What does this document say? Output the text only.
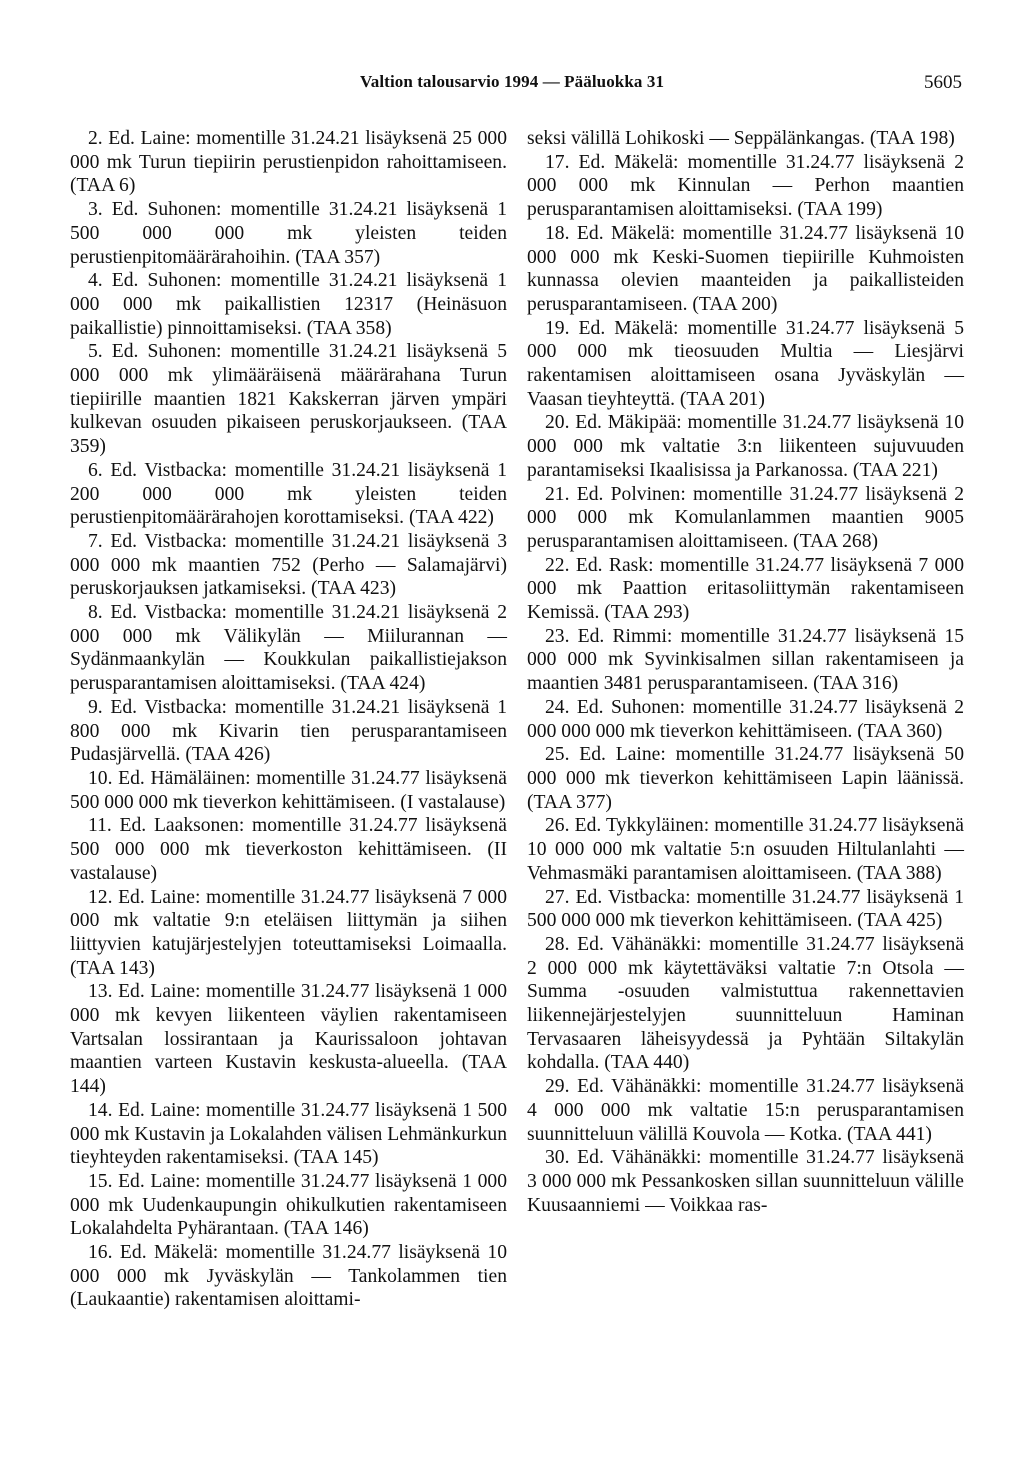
Valtion talousarvio 1994 — Pääluokka 31	5605

2. Ed. Laine: momentille 31.24.21 lisäyksenä 25 000 000 mk Turun tiepiirin perustienpidon rahoittamiseen. (TAA 6)

3. Ed. Suhonen: momentille 31.24.21 lisäyksenä 1 500 000 000 mk yleisten teiden perustienpitomäärärahoihin. (TAA 357)

4. Ed. Suhonen: momentille 31.24.21 lisäyksenä 1 000 000 mk paikallistien 12317 (Heinäsuon paikallistie) pinnoittamiseksi. (TAA 358)

5. Ed. Suhonen: momentille 31.24.21 lisäyksenä 5 000 000 mk ylimääräisenä määrärahana Turun tiepiirille maantien 1821 Kakskerran järven ympäri kulkevan osuuden pikaiseen peruskorjaukseen. (TAA 359)

6. Ed. Vistbacka: momentille 31.24.21 lisäyksenä 1 200 000 000 mk yleisten teiden perustienpitomäärärahojen korottamiseksi. (TAA 422)

7. Ed. Vistbacka: momentille 31.24.21 lisäyksenä 3 000 000 mk maantien 752 (Perho — Salamajärvi) peruskorjauksen jatkamiseksi. (TAA 423)

8. Ed. Vistbacka: momentille 31.24.21 lisäyksenä 2 000 000 mk Välikylän — Miilurannan — Sydänmaankylän — Koukkulan paikallistiejakson perusparantamisen aloittamiseksi. (TAA 424)

9. Ed. Vistbacka: momentille 31.24.21 lisäyksenä 1 800 000 mk Kivarin tien perusparantamiseen Pudasjärvellä. (TAA 426)

10. Ed. Hämäläinen: momentille 31.24.77 lisäyksenä 500 000 000 mk tieverkon kehittämiseen. (I vastalause)

11. Ed. Laaksonen: momentille 31.24.77 lisäyksenä 500 000 000 mk tieverkoston kehittämiseen. (II vastalause)

12. Ed. Laine: momentille 31.24.77 lisäyksenä 7 000 000 mk valtatie 9:n eteläisen liittymän ja siihen liittyvien katujärjestelyjen toteuttamiseksi Loimaalla. (TAA 143)

13. Ed. Laine: momentille 31.24.77 lisäyksenä 1 000 000 mk kevyen liikenteen väylien rakentamiseen Vartsalan lossirantaan ja Kaurissaloon johtavan maantien varteen Kustavin keskusta-alueella. (TAA 144)

14. Ed. Laine: momentille 31.24.77 lisäyksenä 1 500 000 mk Kustavin ja Lokalahden välisen Lehmänkurkun tieyhteyden rakentamiseksi. (TAA 145)

15. Ed. Laine: momentille 31.24.77 lisäyksenä 1 000 000 mk Uudenkaupungin ohikulkutien rakentamiseen Lokalahdelta Pyhärantaan. (TAA 146)

16. Ed. Mäkelä: momentille 31.24.77 lisäyksenä 10 000 000 mk Jyväskylän — Tankolammen tien (Laukaantie) rakentamisen aloittami-

seksi välillä Lohikoski — Seppälänkangas. (TAA 198)

17. Ed. Mäkelä: momentille 31.24.77 lisäyksenä 2 000 000 mk Kinnulan — Perhon maantien perusparantamisen aloittamiseksi. (TAA 199)

18. Ed. Mäkelä: momentille 31.24.77 lisäyksenä 10 000 000 mk Keski-Suomen tiepiirille Kuhmoisten kunnassa olevien maanteiden ja paikallisteiden perusparantamiseen. (TAA 200)

19. Ed. Mäkelä: momentille 31.24.77 lisäyksenä 5 000 000 mk tieosuuden Multia — Liesjärvi rakentamisen aloittamiseen osana Jyväskylän — Vaasan tieyhteyttä. (TAA 201)

20. Ed. Mäkipää: momentille 31.24.77 lisäyksenä 10 000 000 mk valtatie 3:n liikenteen sujuvuuden parantamiseksi Ikaalisissa ja Parkanossa. (TAA 221)

21. Ed. Polvinen: momentille 31.24.77 lisäyksenä 2 000 000 mk Komulanlammen maantien 9005 perusparantamisen aloittamiseen. (TAA 268)

22. Ed. Rask: momentille 31.24.77 lisäyksenä 7 000 000 mk Paattion eritasoliittymän rakentamiseen Kemissä. (TAA 293)

23. Ed. Rimmi: momentille 31.24.77 lisäyksenä 15 000 000 mk Syvinkisalmen sillan rakentamiseen ja maantien 3481 perusparantamiseen. (TAA 316)

24. Ed. Suhonen: momentille 31.24.77 lisäyksenä 2 000 000 000 mk tieverkon kehittämiseen. (TAA 360)

25. Ed. Laine: momentille 31.24.77 lisäyksenä 50 000 000 mk tieverkon kehittämiseen Lapin läänissä. (TAA 377)

26. Ed. Tykkyläinen: momentille 31.24.77 lisäyksenä 10 000 000 mk valtatie 5:n osuuden Hiltulanlahti — Vehmasmäki parantamisen aloittamiseen. (TAA 388)

27. Ed. Vistbacka: momentille 31.24.77 lisäyksenä 1 500 000 000 mk tieverkon kehittämiseen. (TAA 425)

28. Ed. Vähänäkki: momentille 31.24.77 lisäyksenä 2 000 000 mk käytettäväksi valtatie 7:n Otsola — Summa -osuuden valmistuttua rakennettavien liikennejärjestelyjen suunnitteluun Haminan Tervasaaren läheisyydessä ja Pyhtään Siltakylän kohdalla. (TAA 440)

29. Ed. Vähänäkki: momentille 31.24.77 lisäyksenä 4 000 000 mk valtatie 15:n perusparantamisen suunnitteluun välillä Kouvola — Kotka. (TAA 441)

30. Ed. Vähänäkki: momentille 31.24.77 lisäyksenä 3 000 000 mk Pessankosken sillan suunnitteluun välille Kuusaanniemi — Voikkaa ras-
